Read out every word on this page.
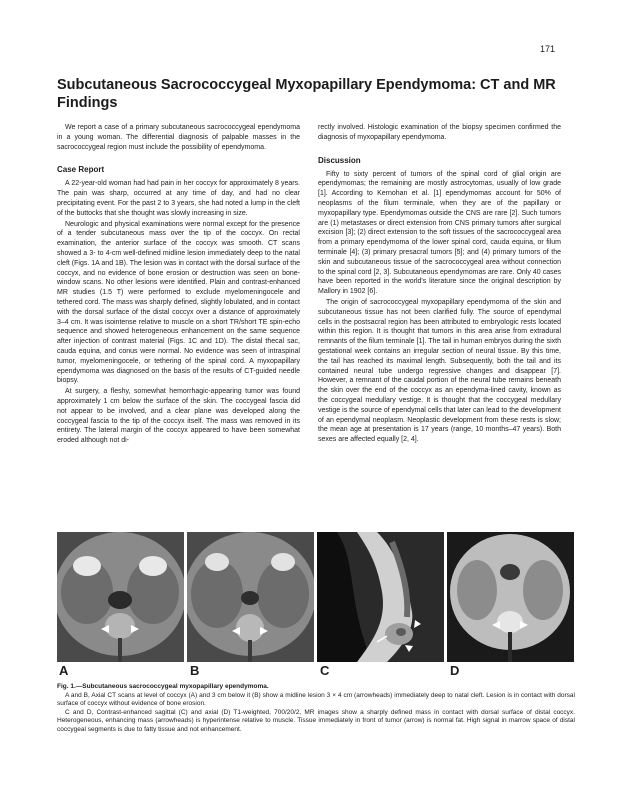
171
Subcutaneous Sacrococcygeal Myxopapillary Ependymoma: CT and MR Findings

We report a case of a primary subcutaneous sacrococcygeal ependymoma in a young woman. The differential diagnosis of palpable masses in the sacrococcygeal region must include the possibility of ependymoma.

Case Report

A 22-year-old woman had had pain in her coccyx for approximately 8 years. The pain was sharp, occurred at any time of day, and had no clear precipitating event. For the past 2 to 3 years, she had noted a lump in the cleft of the buttocks that she thought was slowly increasing in size.

Neurologic and physical examinations were normal except for the presence of a tender subcutaneous mass over the tip of the coccyx. On rectal examination, the anterior surface of the coccyx was smooth. CT scans showed a 3- to 4-cm well-defined midline lesion immediately deep to the natal cleft (Figs. 1A and 1B). The lesion was in contact with the dorsal surface of the coccyx, and no evidence of bone erosion or destruction was seen on bone-window scans. No other lesions were identified. Plain and contrast-enhanced MR studies (1.5 T) were performed to exclude myelomeningocele and tethered cord. The mass was sharply defined, slightly lobulated, and in contact with the dorsal surface of the distal coccyx over a distance of approximately 3–4 cm. It was isointense relative to muscle on a short TR/short TE spin-echo sequence and showed heterogeneous enhancement on the same sequence after injection of contrast material (Figs. 1C and 1D). The distal thecal sac, cauda equina, and conus were normal. No evidence was seen of intraspinal tumor, myelomeningocele, or tethering of the spinal cord. A myxopapillary ependymoma was diagnosed on the basis of the results of CT-guided needle biopsy.

At surgery, a fleshy, somewhat hemorrhagic-appearing tumor was found approximately 1 cm below the surface of the skin. The coccygeal fascia did not appear to be involved, and a clear plane was developed along the coccygeal fascia to the tip of the coccyx itself. The mass was removed in its entirety. The lateral margin of the coccyx appeared to have been somewhat eroded although not di-

rectly involved. Histologic examination of the biopsy specimen confirmed the diagnosis of myxopapillary ependymoma.

Discussion

Fifty to sixty percent of tumors of the spinal cord of glial origin are ependymomas; the remaining are mostly astrocytomas, usually of low grade [1]. According to Kernohan et al. [1] ependymomas account for 50% of neoplasms of the filum terminale, when they are of the papillary or myxopapillary type. Ependymomas outside the CNS are rare [2]. Such tumors are (1) metastases or direct extension from CNS primary tumors after surgical excision [3]; (2) direct extension to the soft tissues of the sacrococcygeal area from a primary ependymoma of the lower spinal cord, cauda equina, or filum terminale [4]; (3) primary presacral tumors [5]; and (4) primary tumors of the skin and subcutaneous tissue of the sacrococcygeal area without connection to the spinal cord [2, 3]. Subcutaneous ependymomas are rare. Only 40 cases have been reported in the world's literature since the original description by Mallory in 1902 [6].

The origin of sacrococcygeal myxopapillary ependymoma of the skin and subcutaneous tissue has not been clarified fully. The source of ependymal cells in the postsacral region has been attributed to embryologic rests located within this region. It is thought that tumors in this area arise from extradural remnants of the filum terminale [1]. The tail in human embryos during the sixth gestational week contains an irregular section of neural tissue. By this time, the tail has reached its maximal length. Subsequently, both the tail and its contained neural tube undergo regressive changes and disappear [7]. However, a remnant of the caudal portion of the neural tube remains beneath the skin over the end of the coccyx as an ependyma-lined cavity, known as the coccygeal medullary vestige. It is thought that the coccygeal medullary vestige is the source of ependymal cells that later can lead to the development of an ependymal neoplasm. Neoplastic development from these rests is slow; the mean age at presentation is 17 years (range, 10 months–47 years). Both sexes are affected equally [2, 4].

A	B	C	D

Fig. 1.—Subcutaneous sacrococcygeal myxopapillary ependymoma.

A and B, Axial CT scans at level of coccyx (A) and 3 cm below it (B) show a midline lesion 3 × 4 cm (arrowheads) immediately deep to natal cleft. Lesion is in contact with dorsal surface of coccyx without evidence of bone erosion.

C and D, Contrast-enhanced sagittal (C) and axial (D) T1-weighted, 700/20/2, MR images show a sharply defined mass in contact with dorsal surface of distal coccyx. Heterogeneous, enhancing mass (arrowheads) is hyperintense relative to muscle. Tissue immediately in front of tumor (arrow) is normal fat. High signal in marrow space of distal coccygeal segments is due to fatty tissue and not enhancement.
